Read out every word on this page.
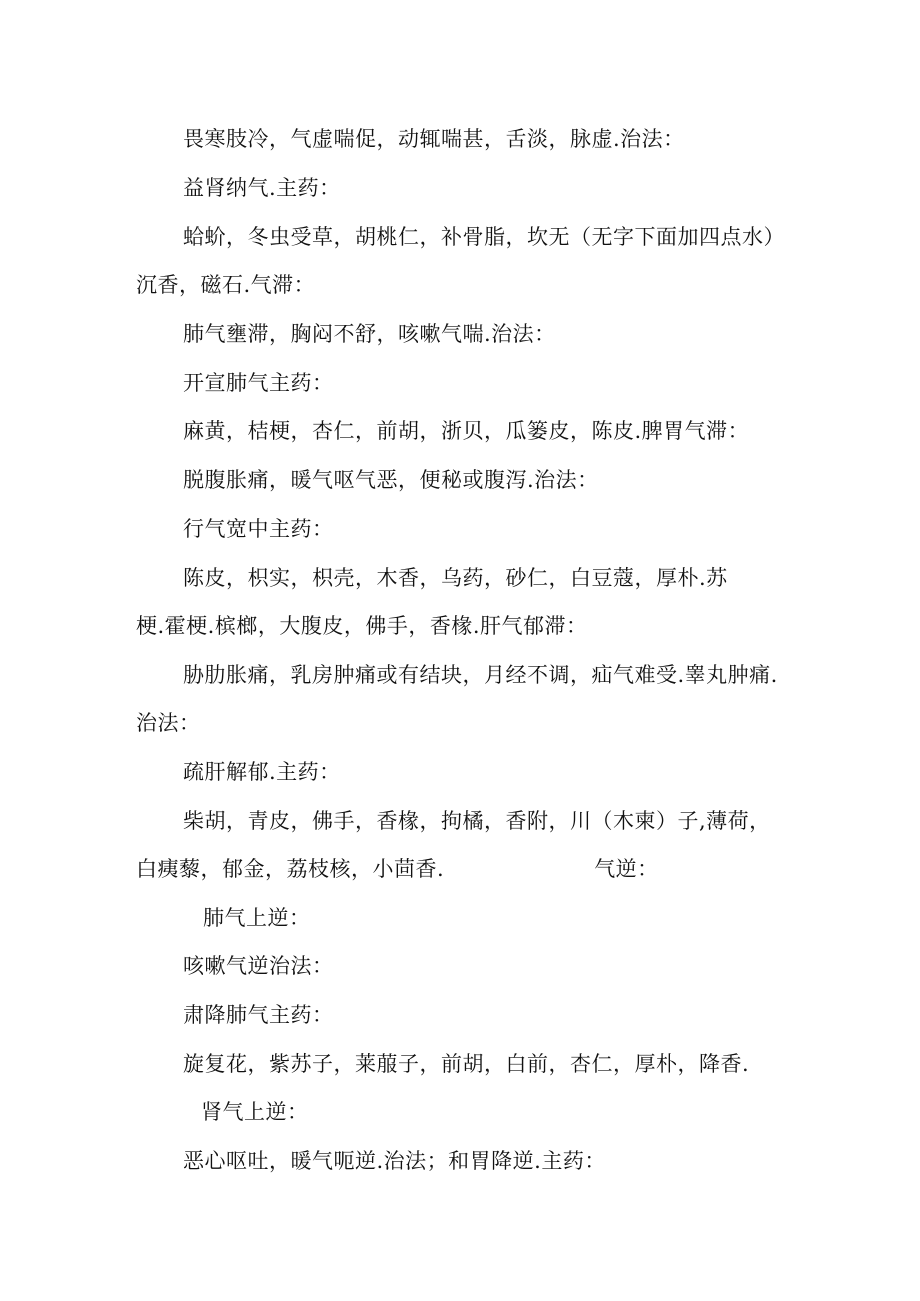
畏寒肢冷，气虚喘促，动辄喘甚，舌淡，脉虚.治法：
益肾纳气.主药：
蛤蚧，冬虫受草，胡桃仁，补骨脂，坎无（无字下面加四点水）
沉香，磁石.气滞：
肺气壅滞，胸闷不舒，咳嗽气喘.治法：
开宣肺气主药：
麻黄，桔梗，杏仁，前胡，浙贝，瓜篓皮，陈皮.脾胃气滞：
脱腹胀痛，暖气呕气恶，便秘或腹泻.治法：
行气宽中主药：
陈皮，枳实，枳壳，木香，乌药，砂仁，白豆蔻，厚朴.苏
梗.霍梗.槟榔，大腹皮，佛手，香椽.肝气郁滞：
胁肋胀痛，乳房肿痛或有结块，月经不调，疝气难受.睾丸肿痛.
治法：
疏肝解郁.主药：
柴胡，青皮，佛手，香椽，拘橘，香附，川（木柬）子,薄荷，
白痍藜，郁金，荔枝核，小茴香.	气逆：
肺气上逆：
咳嗽气逆治法：
肃降肺气主药：
旋复花，紫苏子，莱菔子，前胡，白前，杏仁，厚朴，降香.
肾气上逆：
恶心呕吐，暖气呃逆.治法；和胃降逆.主药：
